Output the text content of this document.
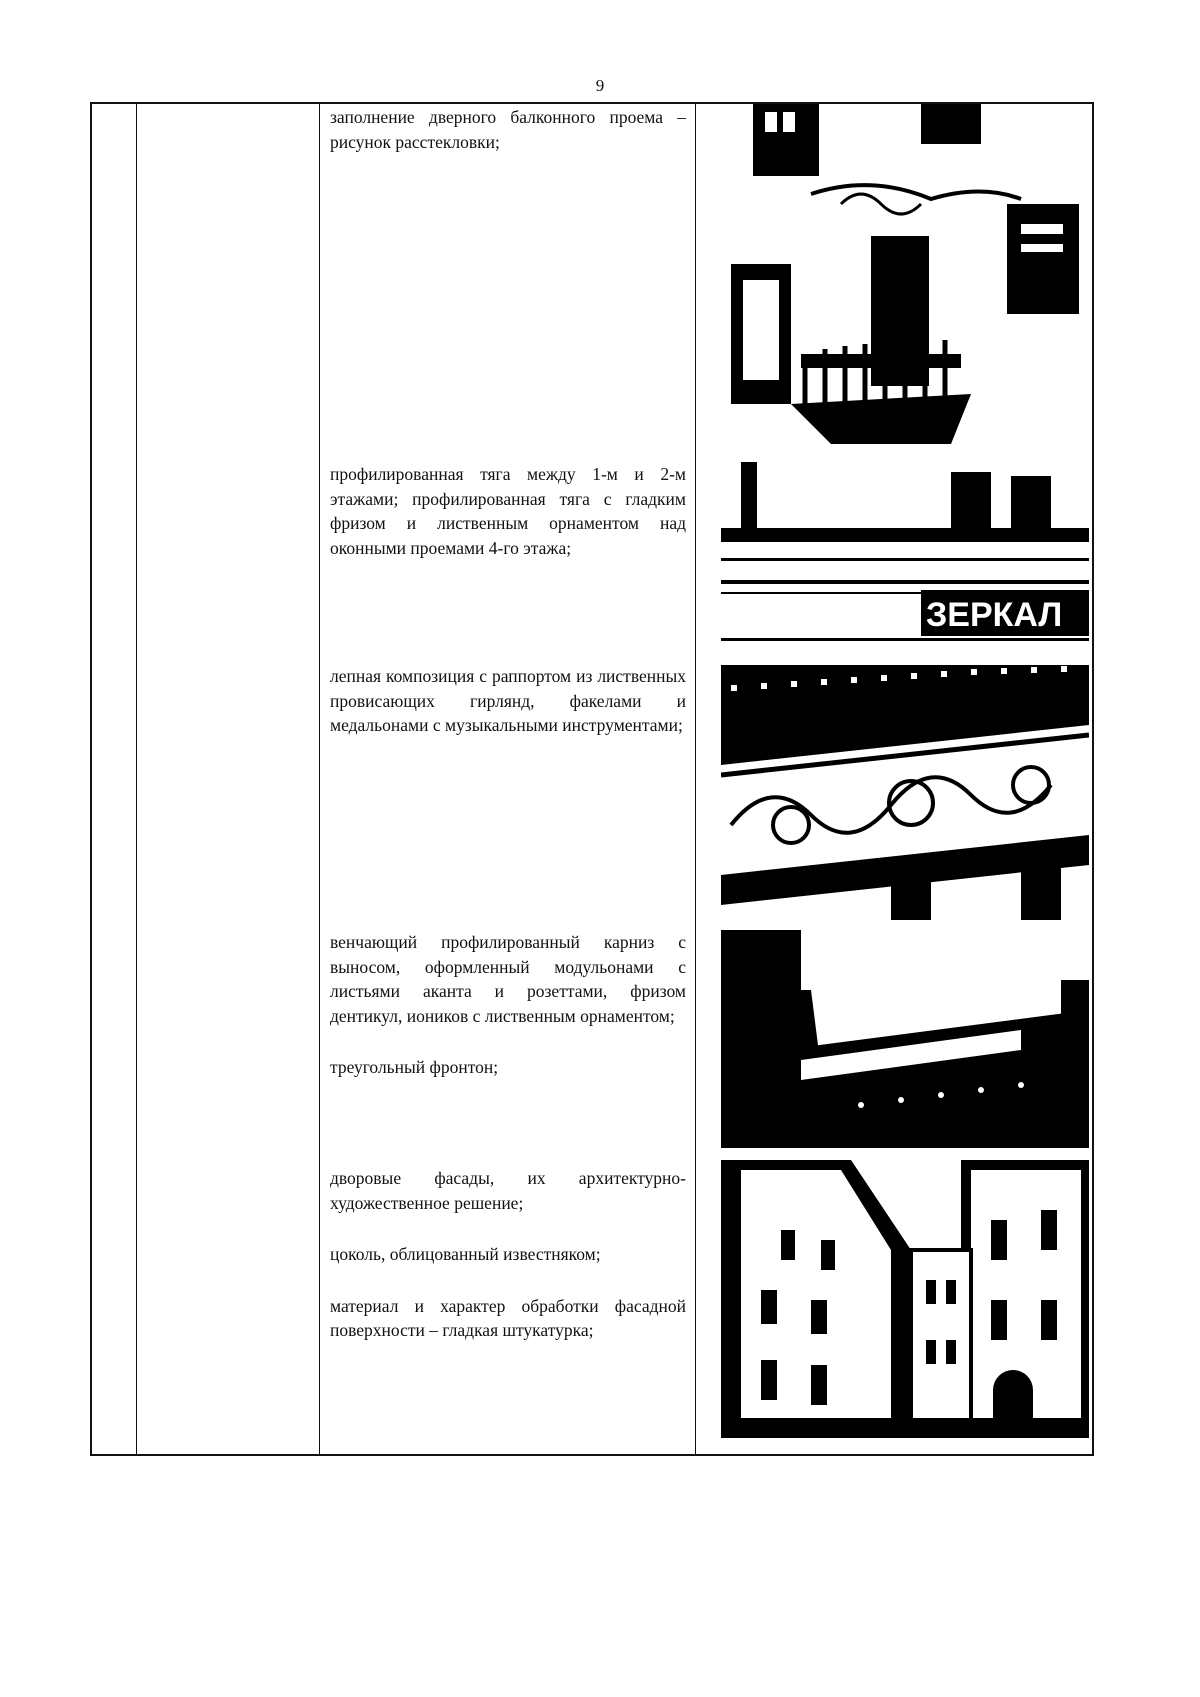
9

заполнение дверного балконного проема – рисунок расстекловки;

профилированная тяга между 1-м и 2-м этажами; профилированная тяга с гладким фризом и лиственным орнаментом над оконными проемами 4-го этажа;

лепная композиция с раппортом из лиственных провисающих гирлянд, факелами и медальонами с музыкальными инструментами;

венчающий профилированный карниз с выносом, оформленный модульонами с листьями аканта и розеттами, фризом дентикул, иоников с лиственным орнаментом;

треугольный фронтон;

дворовые фасады, их архитектурно-художественное решение;

цоколь, облицованный известняком;

материал и характер обработки фасадной поверхности – гладкая штукатурка;

ЗЕРКАЛ
